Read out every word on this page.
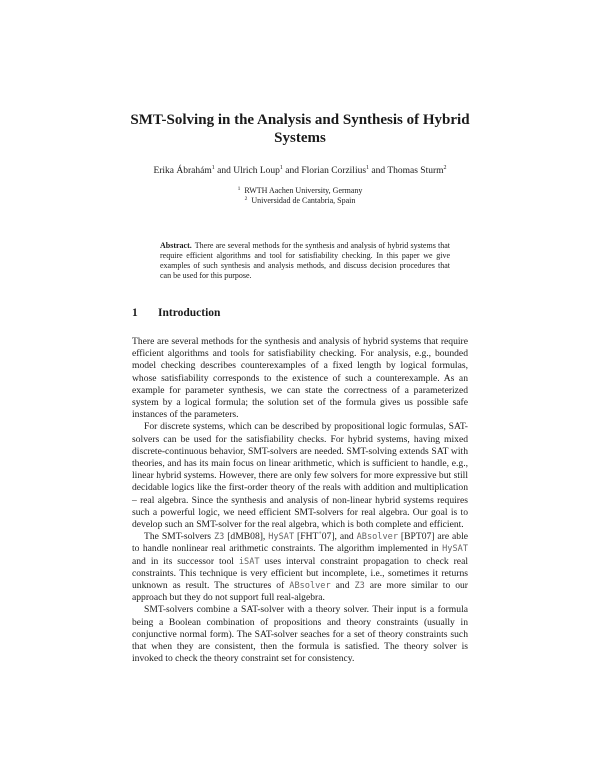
SMT-Solving in the Analysis and Synthesis of Hybrid Systems
Erika Ábrahám$^1$ and Ulrich Loup$^1$ and Florian Corzilius$^1$ and Thomas Sturm$^2$
$^1$ RWTH Aachen University, Germany
$^2$ Universidad de Cantabria, Spain
Abstract. There are several methods for the synthesis and analysis of hybrid systems that require efficient algorithms and tool for satisfiability checking. In this paper we give examples of such synthesis and analysis methods, and discuss decision procedures that can be used for this purpose.
1 Introduction

There are several methods for the synthesis and analysis of hybrid systems that require efficient algorithms and tools for satisfiability checking. For analysis, e.g., bounded model checking describes counterexamples of a fixed length by logical formulas, whose satisfiability corresponds to the existence of such a counterexample. As an example for parameter synthesis, we can state the correctness of a parameterized system by a logical formula; the solution set of the formula gives us possible safe instances of the parameters.

For discrete systems, which can be described by propositional logic formulas, SAT-solvers can be used for the satisfiability checks. For hybrid systems, having mixed discrete-continuous behavior, SMT-solvers are needed. SMT-solving extends SAT with theories, and has its main focus on linear arithmetic, which is sufficient to handle, e.g., linear hybrid systems. However, there are only few solvers for more expressive but still decidable logics like the first-order theory of the reals with addition and multiplication – real algebra. Since the synthesis and analysis of non-linear hybrid systems requires such a powerful logic, we need efficient SMT-solvers for real algebra. Our goal is to develop such an SMT-solver for the real algebra, which is both complete and efficient.

The SMT-solvers Z3 [dMB08], HySAT [FHT+07], and ABsolver [BPT07] are able to handle nonlinear real arithmetic constraints. The algorithm implemented in HySAT and in its successor tool iSAT uses interval constraint propagation to check real constraints. This technique is very efficient but incomplete, i.e., sometimes it returns unknown as result. The structures of ABsolver and Z3 are more similar to our approach but they do not support full real-algebra.

SMT-solvers combine a SAT-solver with a theory solver. Their input is a formula being a Boolean combination of propositions and theory constraints (usually in conjunctive normal form). The SAT-solver seaches for a set of theory constraints such that when they are consistent, then the formula is satisfied. The theory solver is invoked to check the theory constraint set for consistency.
